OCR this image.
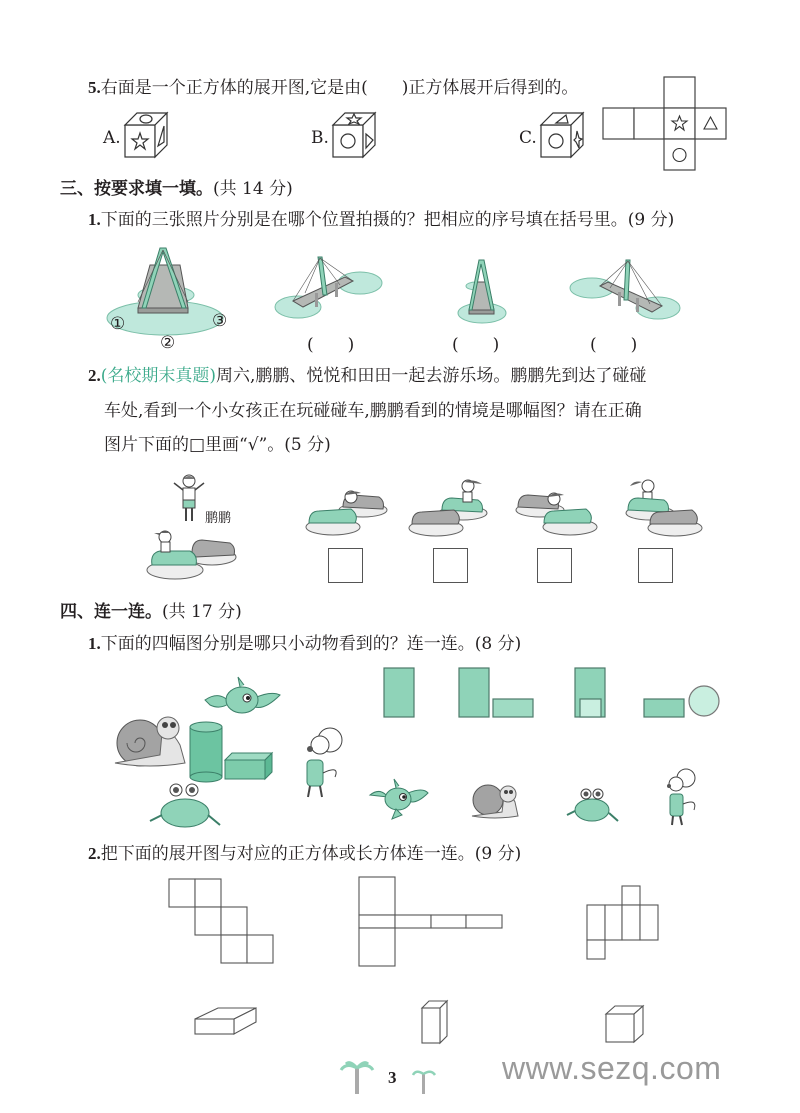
5.右面是一个正方体的展开图,它是由(　　)正方体展开后得到的。
A.	B.	C.
三、按要求填一填。(共 14 分)
1.下面的三张照片分别是在哪个位置拍摄的？把相应的序号填在括号里。(9 分)
①
②
③
(　　)	(　　)	(　　)
2.(名校期末真题)周六,鹏鹏、悦悦和田田一起去游乐场。鹏鹏先到达了碰碰
车处,看到一个小女孩正在玩碰碰车,鹏鹏看到的情境是哪幅图？请在正确
图片下面的□里画“√”。(5 分)
鹏鹏
四、连一连。(共 17 分)
1.下面的四幅图分别是哪只小动物看到的？连一连。(8 分)
2.把下面的展开图与对应的正方体或长方体连一连。(9 分)
3	www.sezq.com
